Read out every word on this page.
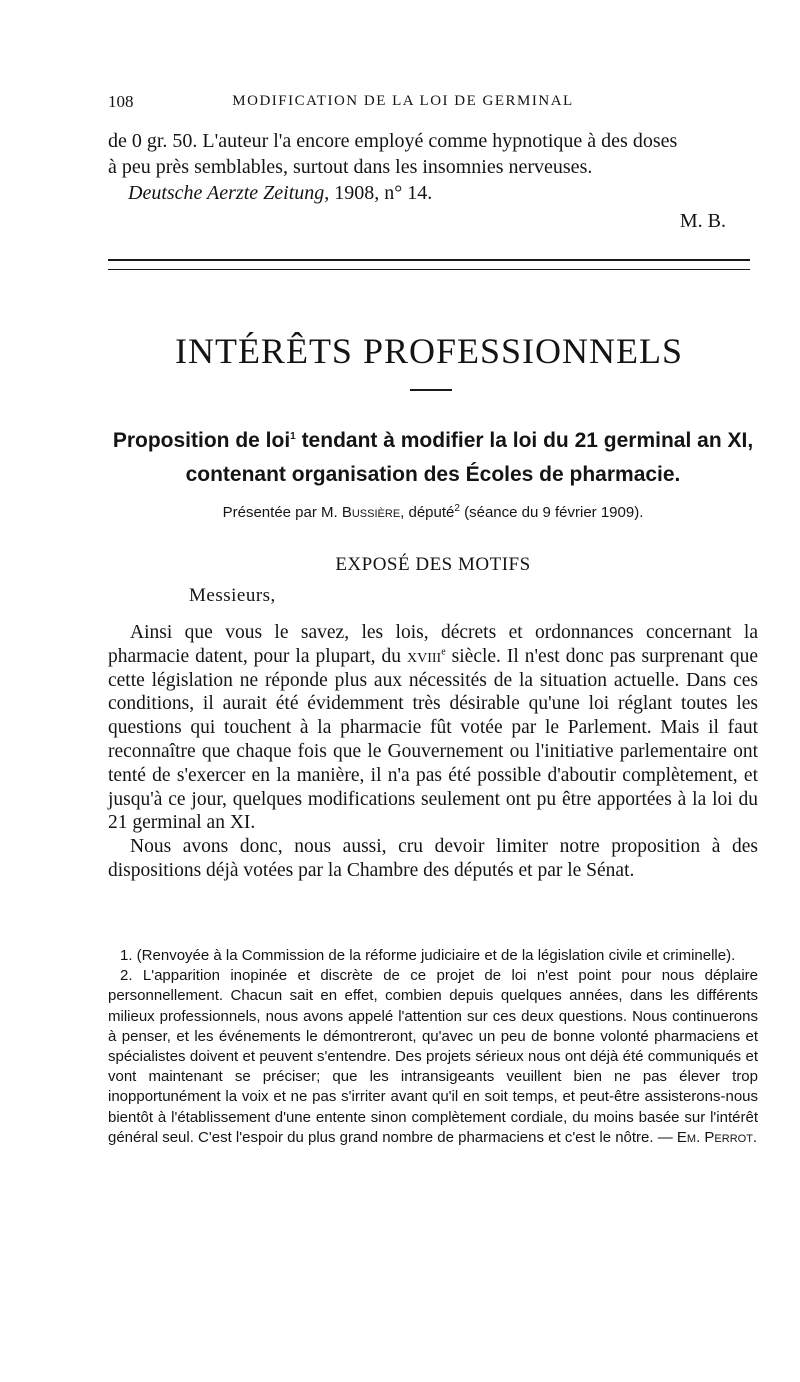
108	MODIFICATION DE LA LOI DE GERMINAL

de 0 gr. 50. L'auteur l'a encore employé comme hypnotique à des doses

à peu près semblables, surtout dans les insomnies nerveuses.

Deutsche Aerzte Zeitung, 1908, n° 14.

M. B.

INTÉRÊTS PROFESSIONNELS
Proposition de loi$^1$ tendant à modifier la loi du 21 germinal an XI,
contenant organisation des Écoles de pharmacie.
Présentée par M. Bussière, député$^2$ (séance du 9 février 1909).
EXPOSÉ DES MOTIFS
Messieurs,

Ainsi que vous le savez, les lois, décrets et ordonnances concernant la pharmacie datent, pour la plupart, du xviii$^e$ siècle. Il n'est donc pas surprenant que cette législation ne réponde plus aux nécessités de la situation actuelle. Dans ces conditions, il aurait été évidemment très désirable qu'une loi réglant toutes les questions qui touchent à la pharmacie fût votée par le Parlement. Mais il faut reconnaître que chaque fois que le Gouvernement ou l'initiative parlementaire ont tenté de s'exercer en la manière, il n'a pas été possible d'aboutir complètement, et jusqu'à ce jour, quelques modifications seulement ont pu être apportées à la loi du 21 germinal an XI.

Nous avons donc, nous aussi, cru devoir limiter notre proposition à des dispositions déjà votées par la Chambre des députés et par le Sénat.

1. (Renvoyée à la Commission de la réforme judiciaire et de la législation civile et criminelle).

2. L'apparition inopinée et discrète de ce projet de loi n'est point pour nous déplaire personnellement. Chacun sait en effet, combien depuis quelques années, dans les différents milieux professionnels, nous avons appelé l'attention sur ces deux questions. Nous continuerons à penser, et les événements le démontreront, qu'avec un peu de bonne volonté pharmaciens et spécialistes doivent et peuvent s'entendre. Des projets sérieux nous ont déjà été communiqués et vont maintenant se préciser; que les intransigeants veuillent bien ne pas élever trop inopportunément la voix et ne pas s'irriter avant qu'il en soit temps, et peut-être assisterons-nous bientôt à l'établissement d'une entente sinon complètement cordiale, du moins basée sur l'intérêt général seul. C'est l'espoir du plus grand nombre de pharmaciens et c'est le nôtre. — Em. Perrot.
